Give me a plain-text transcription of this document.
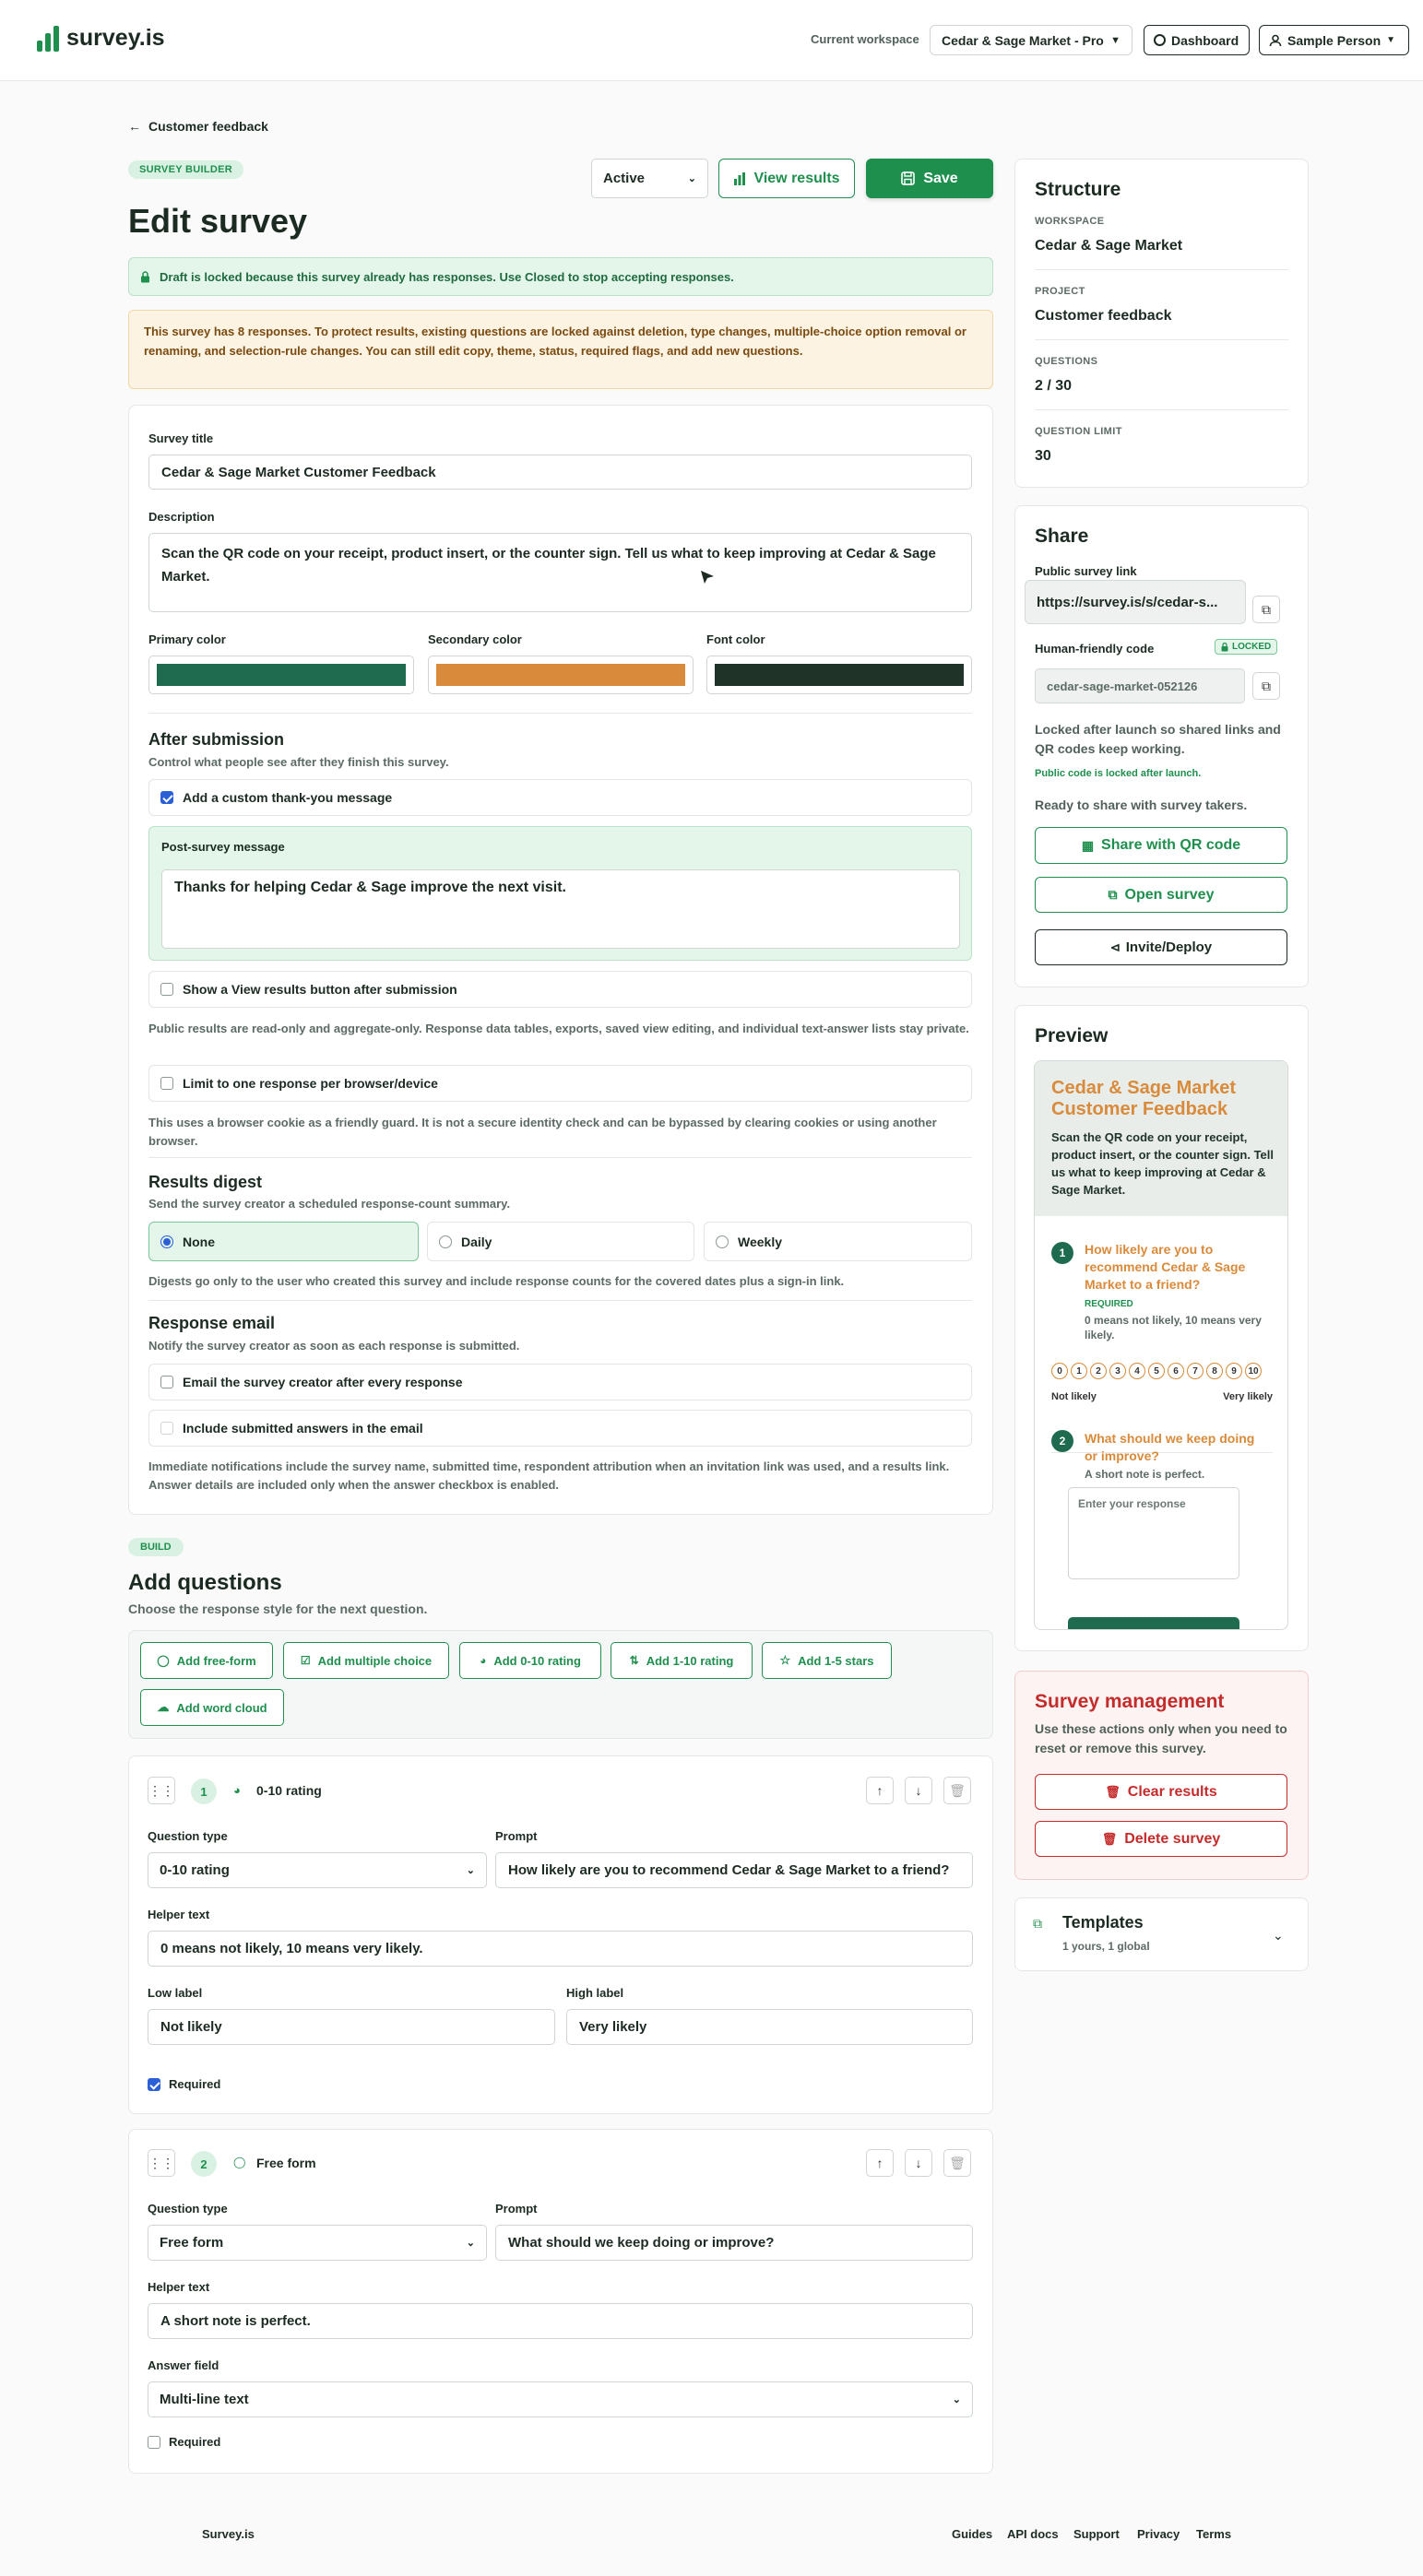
survey.is	Current workspace Cedar & Sage Market - Pro ▼	Dashboard	Sample Person ▼
← Customer feedback
SURVEY BUILDER
Edit survey
Active	⌄	View results	Save
Draft is locked because this survey already has responses. Use Closed to stop accepting responses.
This survey has 8 responses. To protect results, existing questions are locked against deletion, type changes, multiple-choice option removal or renaming, and selection-rule changes. You can still edit copy, theme, status, required flags, and add new questions.
Survey title
Cedar & Sage Market Customer Feedback
Description
Scan the QR code on your receipt, product insert, or the counter sign. Tell us what to keep improving at Cedar & Sage Market.
Primary color	Secondary color	Font color
After submission
Control what people see after they finish this survey.
Add a custom thank-you message
Post-survey message
Thanks for helping Cedar & Sage improve the next visit.
Show a View results button after submission
Public results are read-only and aggregate-only. Response data tables, exports, saved view editing, and individual text-answer lists stay private.
Limit to one response per browser/device
This uses a browser cookie as a friendly guard. It is not a secure identity check and can be bypassed by clearing cookies or using another browser.
Results digest
Send the survey creator a scheduled response-count summary.
None	Daily	Weekly
Digests go only to the user who created this survey and include response counts for the covered dates plus a sign-in link.
Response email
Notify the survey creator as soon as each response is submitted.
Email the survey creator after every response
Include submitted answers in the email
Immediate notifications include the survey name, submitted time, respondent attribution when an invitation link was used, and a results link. Answer details are included only when the answer checkbox is enabled.
BUILD
Add questions
Choose the response style for the next question.
◯ Add free-form	☑ Add multiple choice	◕ Add 0-10 rating	⇅ Add 1-10 rating	☆ Add 1-5 stars
☁ Add word cloud
⋮⋮	1	◕ 0-10 rating	↑	↓	🗑
Question type
0-10 rating	⌄
Prompt
How likely are you to recommend Cedar & Sage Market to a friend?
Helper text
0 means not likely, 10 means very likely.
Low label
Not likely
High label
Very likely
Required
⋮⋮	2	◯ Free form	↑	↓	🗑
Question type
Free form	⌄
Prompt
What should we keep doing or improve?
Helper text
A short note is perfect.
Answer field
Multi-line text	⌄
Required
Structure
WORKSPACE
Cedar & Sage Market
PROJECT
Customer feedback
QUESTIONS
2 / 30
QUESTION LIMIT
30
Share
Public survey link
https://survey.is/s/cedar-s...	⧉
Human-friendly code	LOCKED
cedar-sage-market-052126	⧉
Locked after launch so shared links and QR codes keep working.
Public code is locked after launch.
Ready to share with survey takers.
▦ Share with QR code
⧉ Open survey
⊲ Invite/Deploy
Preview
Cedar & Sage Market Customer Feedback
Scan the QR code on your receipt, product insert, or the counter sign. Tell us what to keep improving at Cedar & Sage Market.
1	How likely are you to recommend Cedar & Sage Market to a friend?
REQUIRED
0 means not likely, 10 means very likely.
0	1	2	3	4	5	6	7	8	9	10
Not likely	Very likely
2	What should we keep doing or improve?
A short note is perfect.
Enter your response
Survey management
Use these actions only when you need to reset or remove this survey.
🗑 Clear results
🗑 Delete survey
⧉ Templates
1 yours, 1 global
⌄
Survey.is	Guides API docs Support Privacy Terms
